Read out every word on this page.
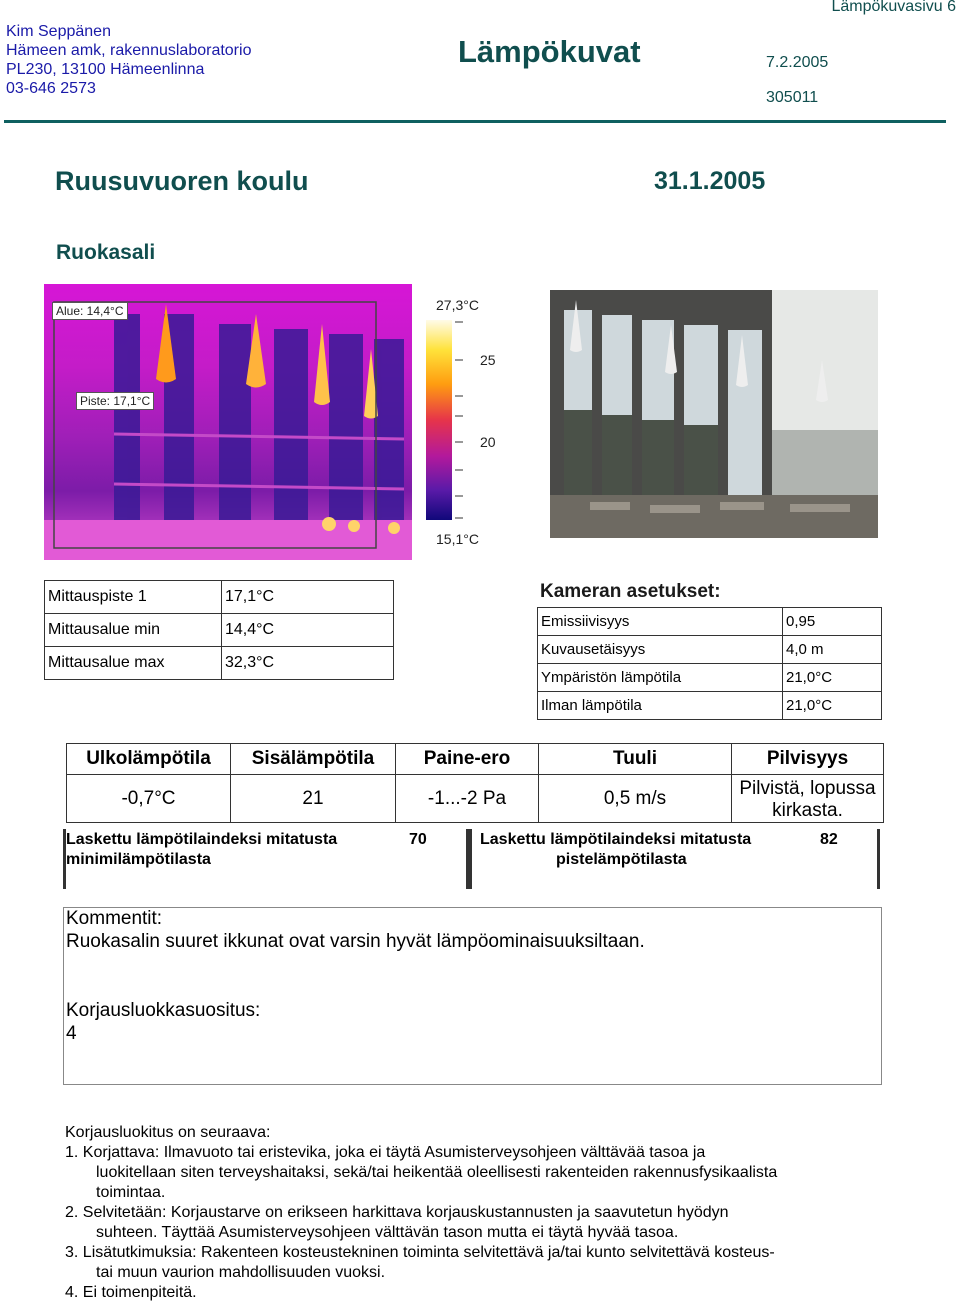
Kim Seppänen
Hämeen amk, rakennuslaboratorio
PL230, 13100 Hämeenlinna
03-646 2573
Lämpökuvat
Lämpökuvasivu 6
7.2.2005
305011
Ruusuvuoren koulu	31.1.2005
Ruokasali
Alue: 14,4°C
Piste: 17,1°C
27,3°C
25
20
15,1°C
Mittauspiste 1	17,1°C
Mittausalue min	14,4°C
Mittausalue max	32,3°C
Kameran asetukset:
Emissiivisyys	0,95
Kuvausetäisyys	4,0 m
Ympäristön lämpötila	21,0°C
Ilman lämpötila	21,0°C
Ulkolämpötila	Sisälämpötila	Paine-ero	Tuuli	Pilvisyys
-0,7°C	21	-1...-2 Pa	0,5 m/s	Pilvistä, lopussa kirkasta.
Laskettu lämpötilaindeksi mitatusta
minimilämpötilasta
70	Laskettu lämpötilaindeksi mitatusta
pistelämpötilasta
82
Kommentit:
Ruokasalin suuret ikkunat ovat varsin hyvät lämpöominaisuuksiltaan.
Korjausluokkasuositus:
4
Korjausluokitus on seuraava:
1. Korjattava: Ilmavuoto tai eristevika, joka ei täytä Asumisterveysohjeen välttävää tasoa ja
luokitellaan siten terveyshaitaksi, sekä/tai heikentää oleellisesti rakenteiden rakennusfysikaalista
toimintaa.
2. Selvitetään: Korjaustarve on erikseen harkittava korjauskustannusten ja saavutetun hyödyn
suhteen. Täyttää Asumisterveysohjeen välttävän tason mutta ei täytä hyvää tasoa.
3. Lisätutkimuksia: Rakenteen kosteustekninen toiminta selvitettävä ja/tai kunto selvitettävä kosteus-
tai muun vaurion mahdollisuuden vuoksi.
4. Ei toimenpiteitä.
